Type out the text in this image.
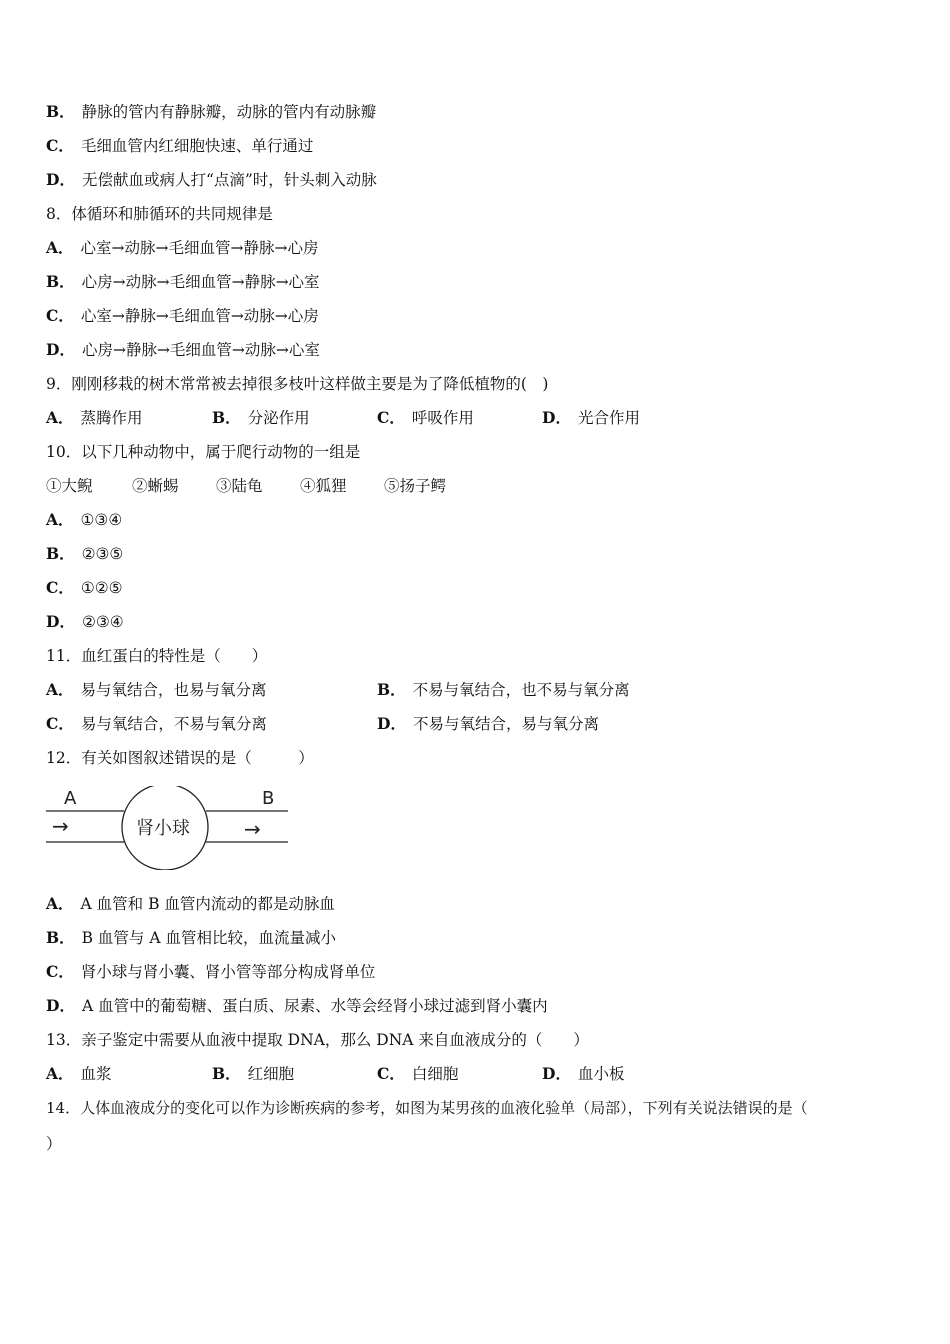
B． 静脉的管内有静脉瓣，动脉的管内有动脉瓣
C． 毛细血管内红细胞快速、单行通过
D． 无偿献血或病人打“点滴”时，针头刺入动脉
8．体循环和肺循环的共同规律是
A． 心室→动脉→毛细血管→静脉→心房
B． 心房→动脉→毛细血管→静脉→心室
C． 心室→静脉→毛细血管→动脉→心房
D． 心房→静脉→毛细血管→动脉→心室
9．刚刚移栽的树木常常被去掉很多枝叶这样做主要是为了降低植物的(　)
A． 蒸腾作用	B． 分泌作用	C． 呼吸作用	D． 光合作用
10．以下几种动物中，属于爬行动物的一组是
①大鲵	②蜥蜴 ③陆龟 ④狐狸 ⑤扬子鳄
A． ①③④
B． ②③⑤
C． ①②⑤
D． ②③④
11．血红蛋白的特性是（　　）
A． 易与氧结合，也易与氧分离	B． 不易与氧结合，也不易与氧分离
C． 易与氧结合，不易与氧分离	D． 不易与氧结合，易与氧分离
12．有关如图叙述错误的是（　　　）
A	B
→	→
肾小球
A． A 血管和 B 血管内流动的都是动脉血
B． B 血管与 A 血管相比较，血流量减小
C． 肾小球与肾小囊、肾小管等部分构成肾单位
D． A 血管中的葡萄糖、蛋白质、尿素、水等会经肾小球过滤到肾小囊内
13．亲子鉴定中需要从血液中提取 DNA，那么 DNA 来自血液成分的（　　）
A． 血浆	B． 红细胞	C． 白细胞	D． 血小板
14．人体血液成分的变化可以作为诊断疾病的参考，如图为某男孩的血液化验单（局部），下列有关说法错误的是（
）
